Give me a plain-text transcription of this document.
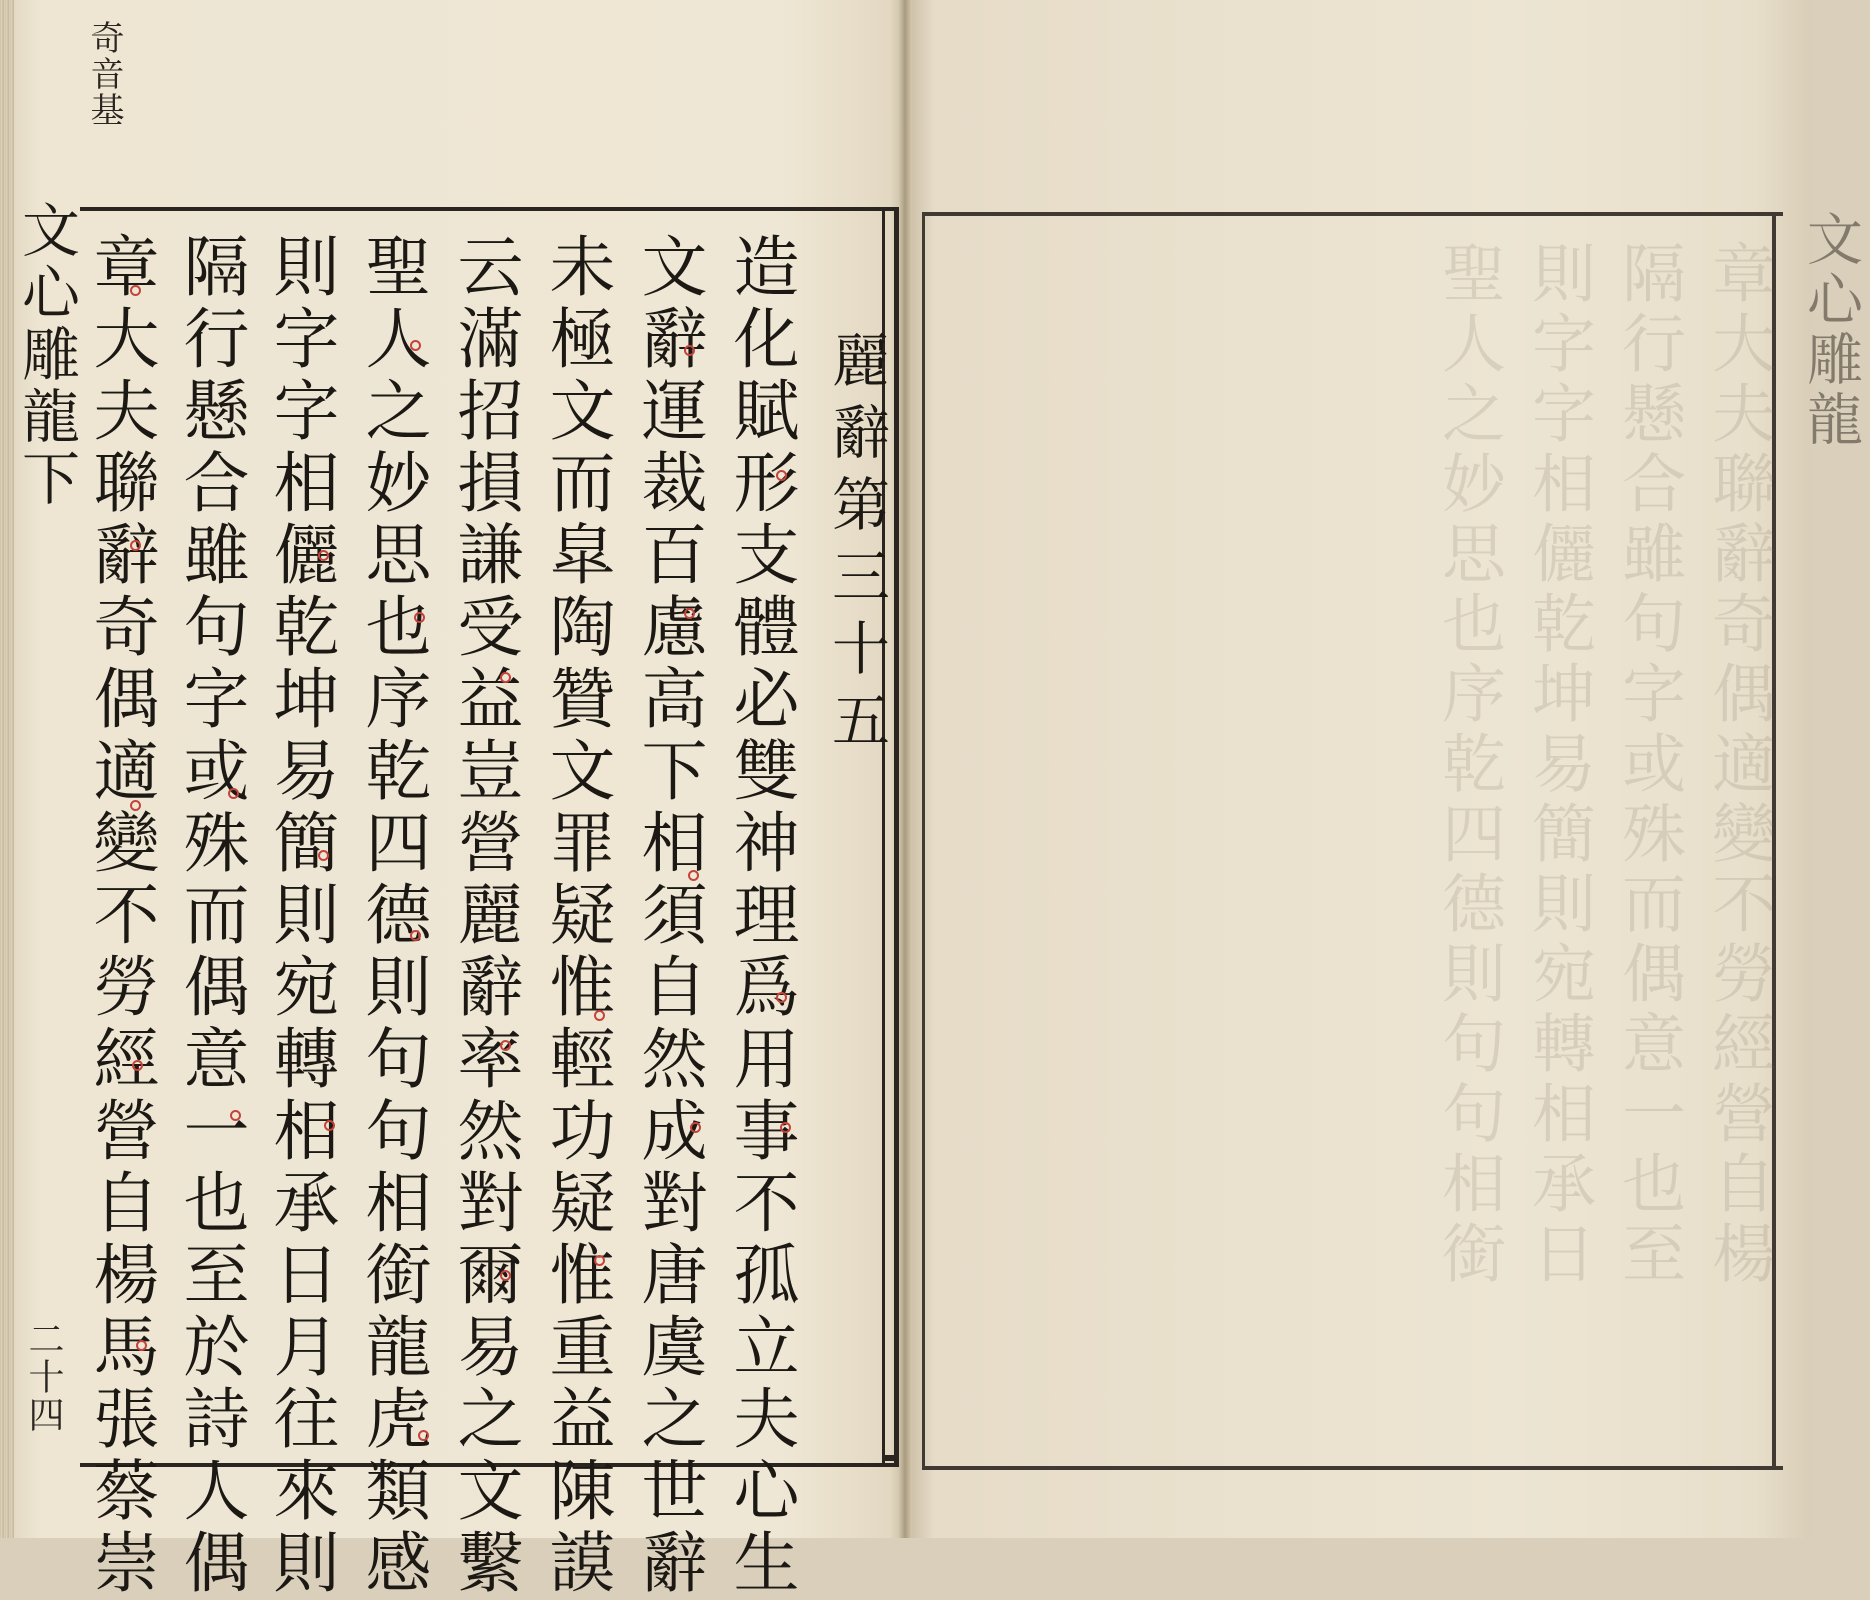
奇音基
文心雕龍下
二十四
麗辭第三十五
造化賦形支體必雙神理爲用事不孤立夫心生
文辭運裁百慮高下相須自然成對唐虞之世辭
未極文而皐陶贊文罪疑惟輕功疑惟重益陳謨
云滿招損謙受益豈營麗辭率然對爾易之文繫
聖人之妙思也序乾四德則句句相銜龍虎類感
則字字相儷乾坤易簡則宛轉相承日月往來則
隔行懸合雖句字或殊而偶意一也至於詩人偶
章大夫聯辭奇偶適變不勞經營自楊馬張蔡崇	文心雕龍
章大夫聯辭奇偶適變不勞經營自楊
隔行懸合雖句字或殊而偶意一也至
則字字相儷乾坤易簡則宛轉相承日
聖人之妙思也序乾四德則句句相銜
